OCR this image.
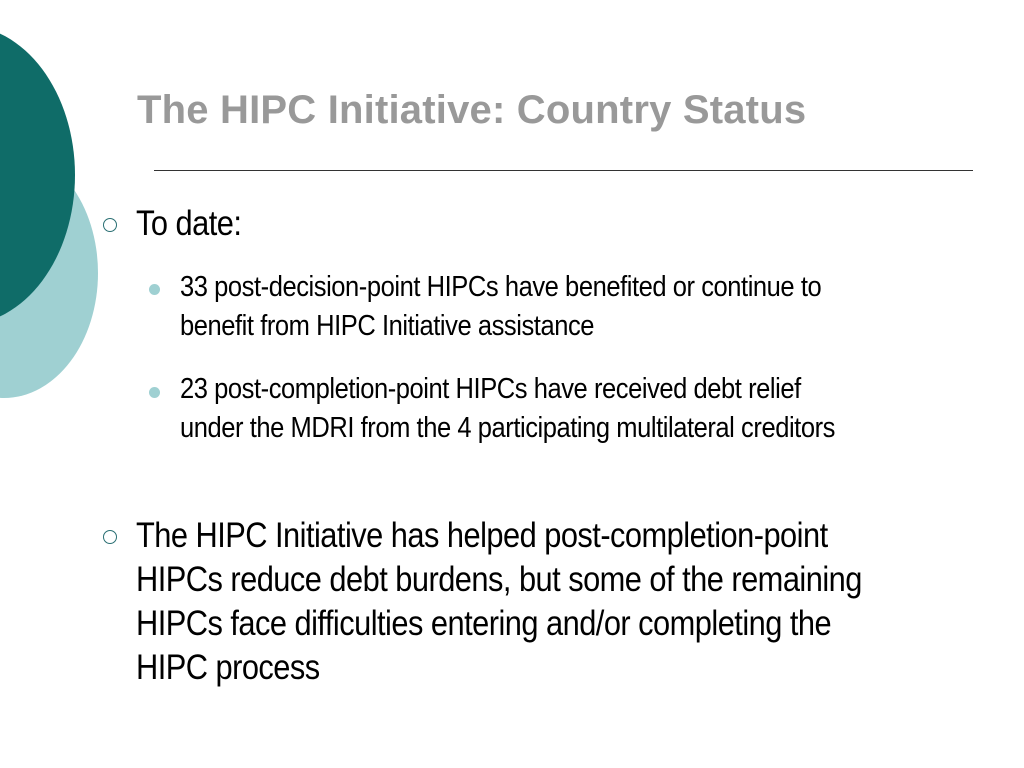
The HIPC Initiative: Country Status
To date:
33 post-decision-point HIPCs have benefited or continue to
benefit from HIPC Initiative assistance
23 post-completion-point HIPCs have received debt relief
under the MDRI from the 4 participating multilateral creditors
The HIPC Initiative has helped post-completion-point
HIPCs reduce debt burdens, but some of the remaining
HIPCs face difficulties entering and/or completing the
HIPC process
